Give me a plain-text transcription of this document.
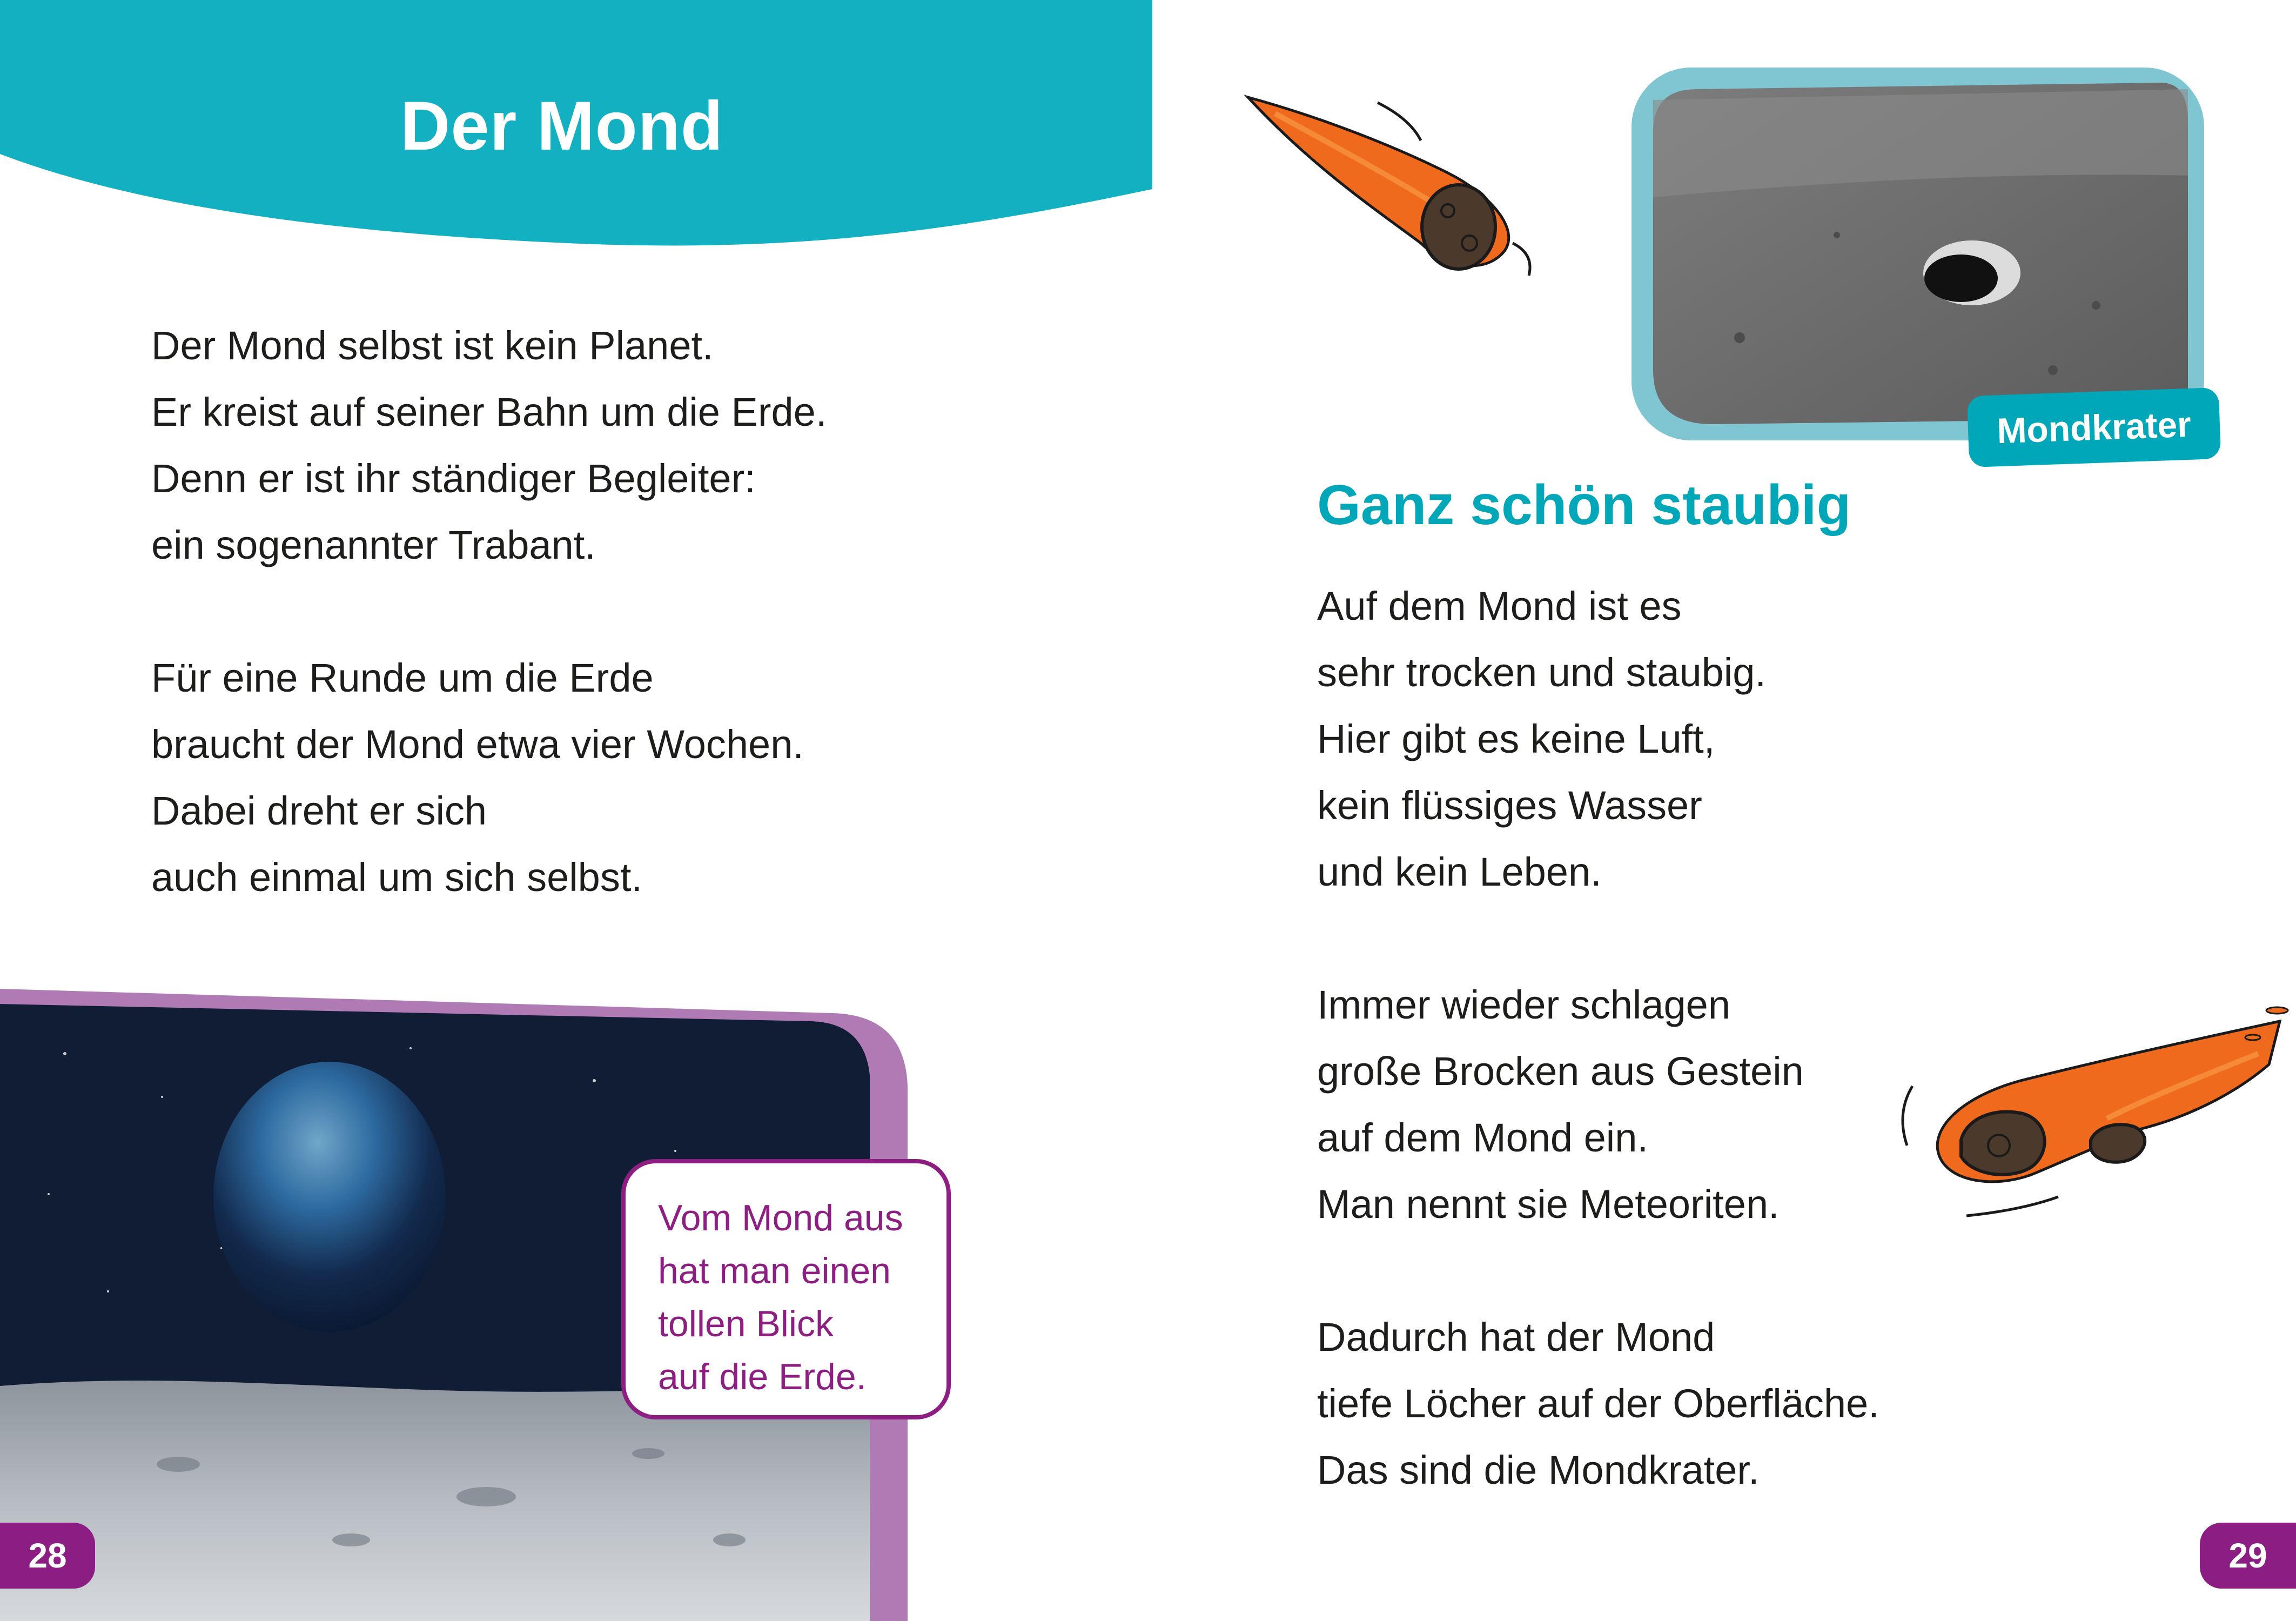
Der Mond
Der Mond selbst ist kein Planet.
Er kreist auf seiner Bahn um die Erde.
Denn er ist ihr ständiger Begleiter:
ein sogenannter Trabant.
Für eine Runde um die Erde
braucht der Mond etwa vier Wochen.
Dabei dreht er sich
auch einmal um sich selbst.
Vom Mond aus
hat man einen
tollen Blick
auf die Erde.
28
Mondkrater
Ganz schön staubig
Auf dem Mond ist es
sehr trocken und staubig.
Hier gibt es keine Luft,
kein flüssiges Wasser
und kein Leben.
Immer wieder schlagen
große Brocken aus Gestein
auf dem Mond ein.
Man nennt sie Meteoriten.
Dadurch hat der Mond
tiefe Löcher auf der Oberfläche.
Das sind die Mondkrater.
29
